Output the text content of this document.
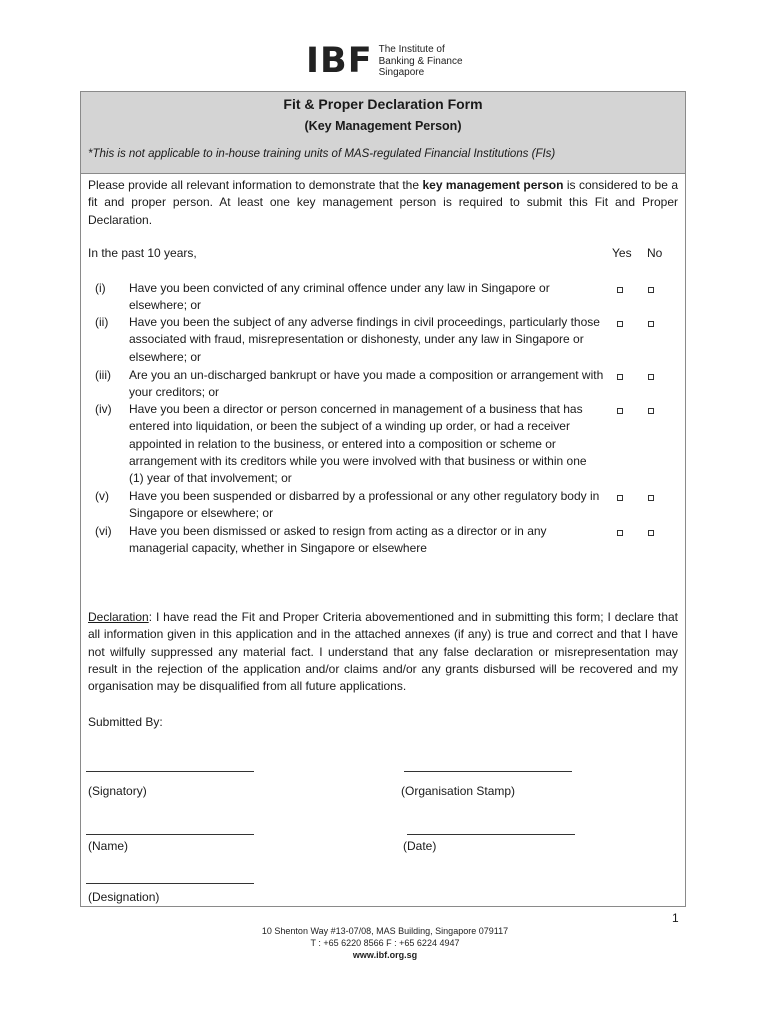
IBF The Institute of
Banking & Finance
Singapore
Fit & Proper Declaration Form
(Key Management Person)
*This is not applicable to in-house training units of MAS-regulated Financial Institutions (FIs)
Please provide all relevant information to demonstrate that the key management person is considered to be a fit and proper person. At least one key management person is required to submit this Fit and Proper Declaration.
In the past 10 years,	Yes No
(i) Have you been convicted of any criminal offence under any law in Singapore or elsewhere; or
(ii) Have you been the subject of any adverse findings in civil proceedings, particularly those associated with fraud, misrepresentation or dishonesty, under any law in Singapore or elsewhere; or
(iii) Are you an un-discharged bankrupt or have you made a composition or arrangement with your creditors; or
(iv) Have you been a director or person concerned in management of a business that has entered into liquidation, or been the subject of a winding up order, or had a receiver appointed in relation to the business, or entered into a composition or scheme or arrangement with its creditors while you were involved with that business or within one (1) year of that involvement; or
(v) Have you been suspended or disbarred by a professional or any other regulatory body in Singapore or elsewhere; or
(vi) Have you been dismissed or asked to resign from acting as a director or in any managerial capacity, whether in Singapore or elsewhere
Declaration: I have read the Fit and Proper Criteria abovementioned and in submitting this form; I declare that all information given in this application and in the attached annexes (if any) is true and correct and that I have not wilfully suppressed any material fact. I understand that any false declaration or misrepresentation may result in the rejection of the application and/or claims and/or any grants disbursed will be recovered and my organisation may be disqualified from all future applications.
Submitted By:
(Signatory)	(Organisation Stamp)
(Name)	(Date)
(Designation)
1
10 Shenton Way #13-07/08, MAS Building, Singapore 079117
T : +65 6220 8566 F : +65 6224 4947
www.ibf.org.sg
